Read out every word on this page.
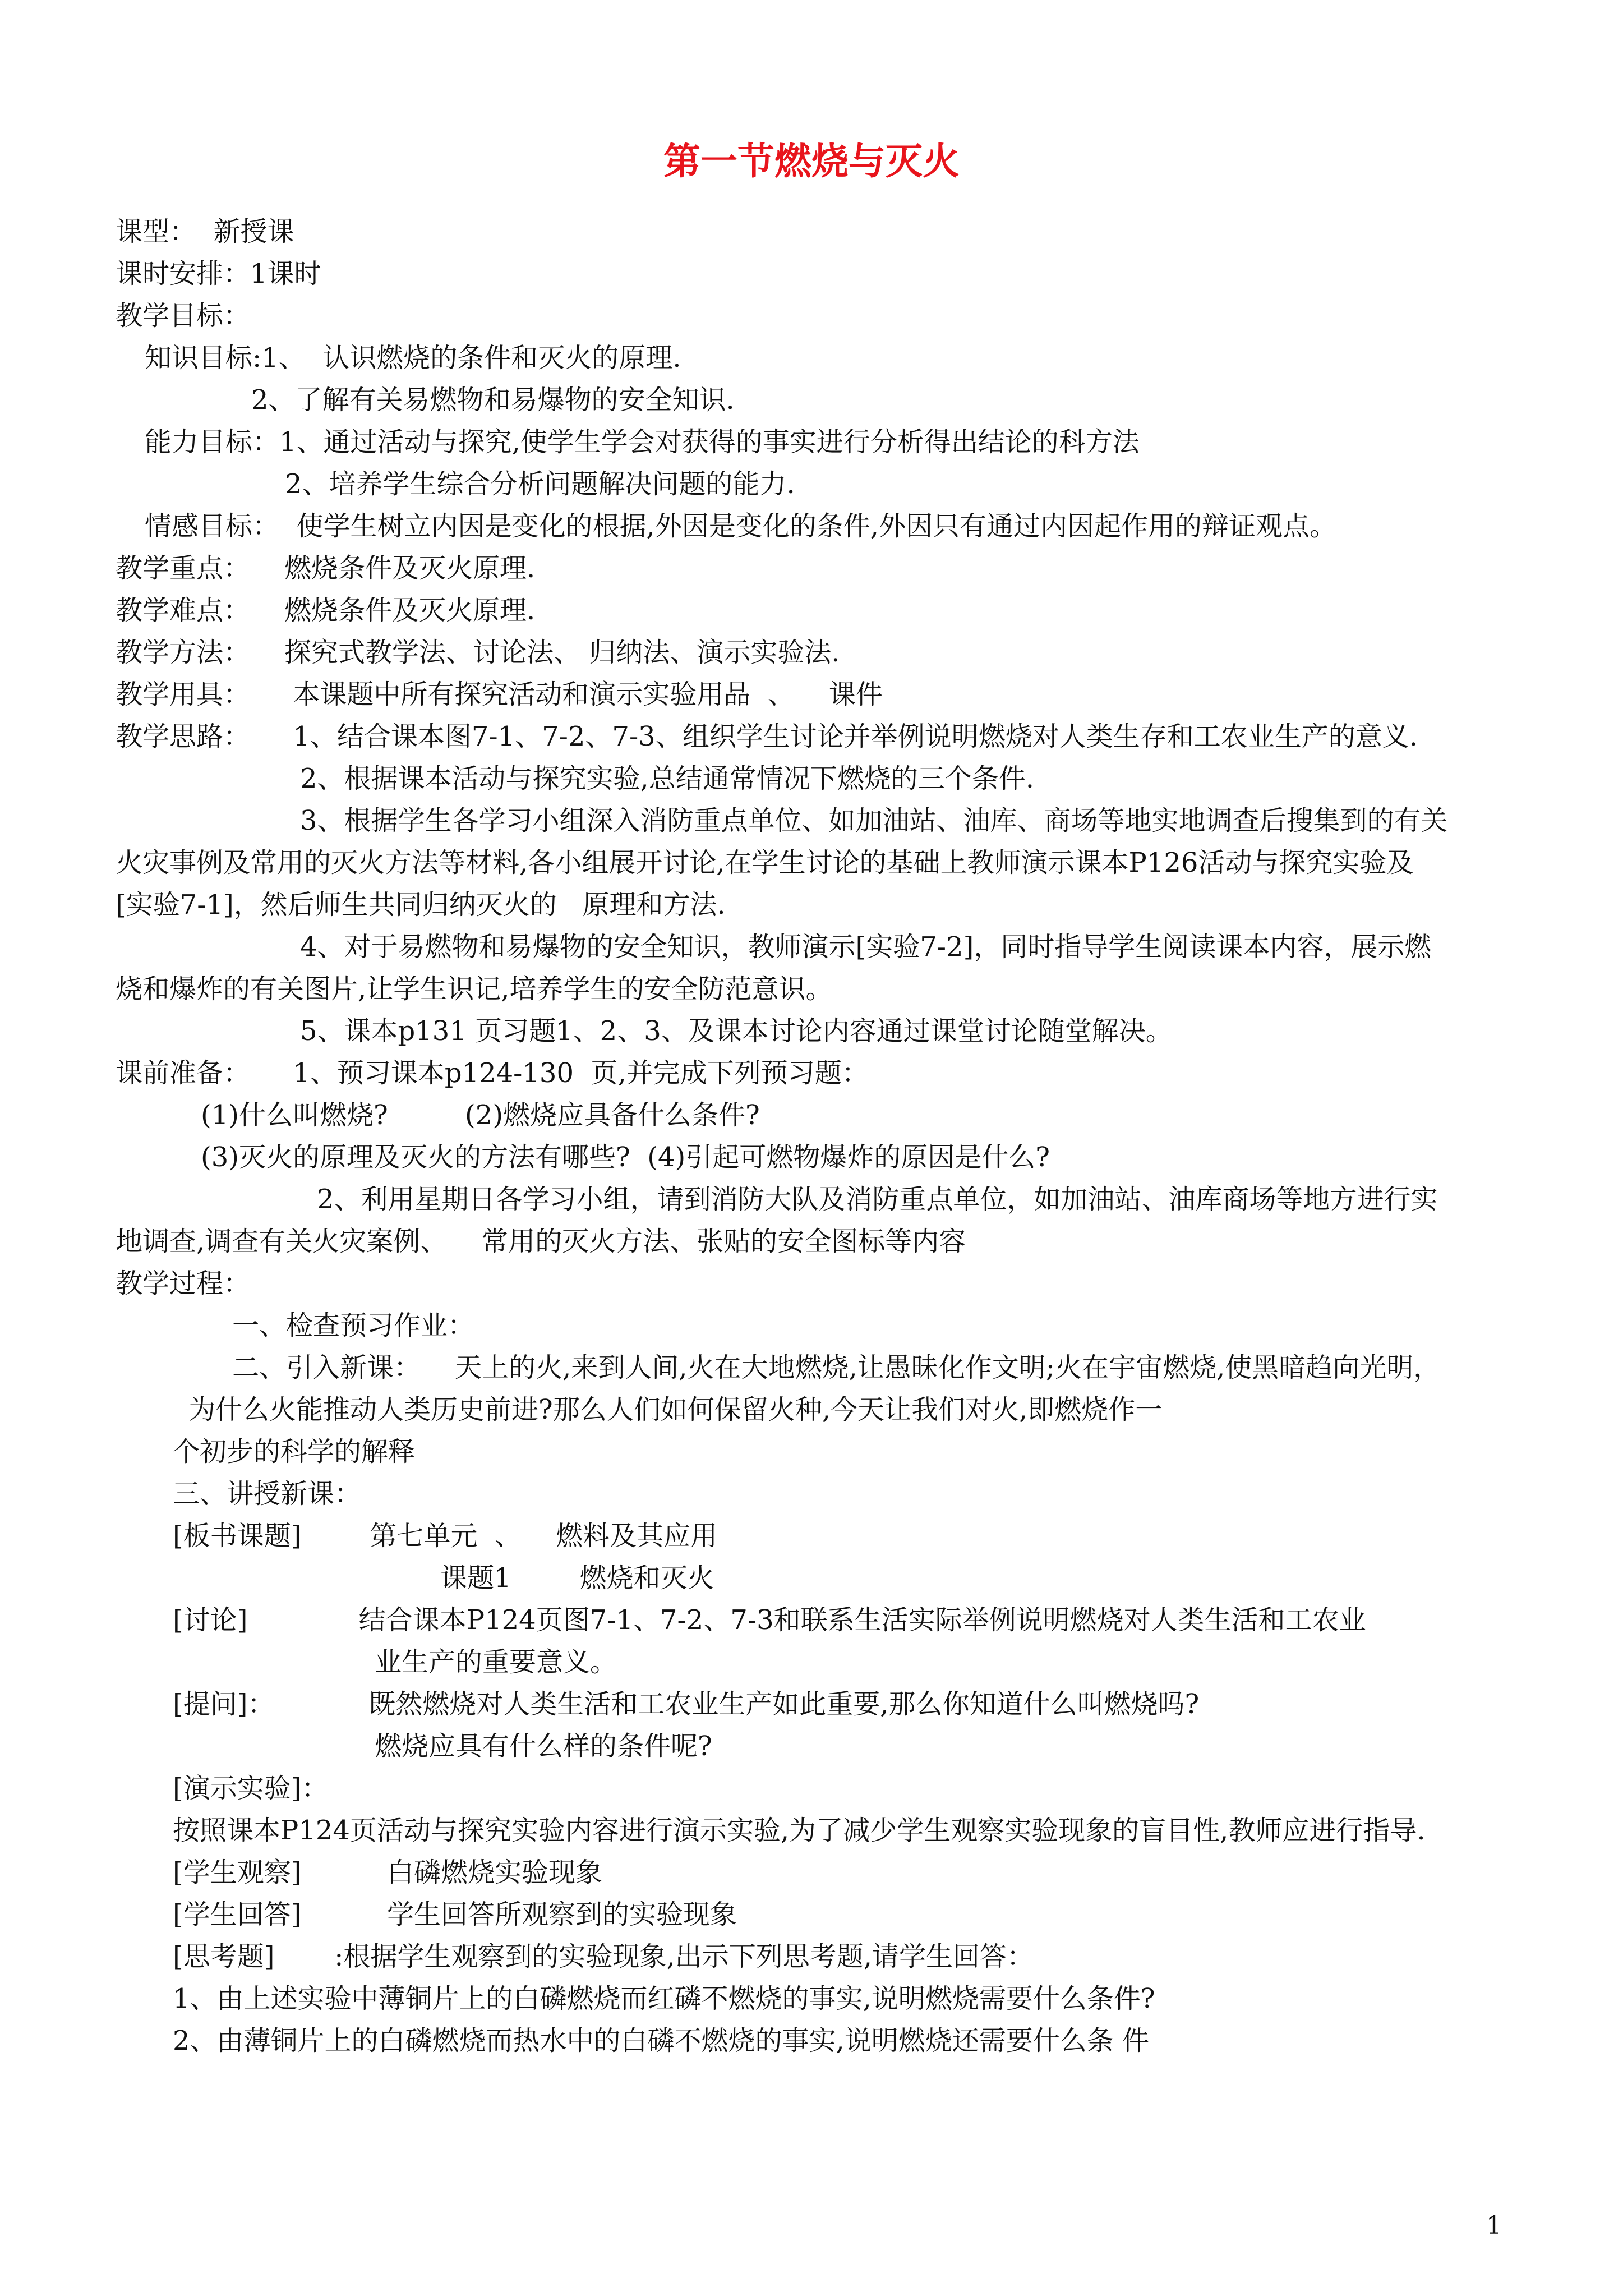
第一节燃烧与灭火
课型：  新授课
课时安排：1课时
教学目标：
知识目标:1、  认识燃烧的条件和灭火的原理.
2、了解有关易燃物和易爆物的安全知识.
能力目标：1、通过活动与探究,使学生学会对获得的事实进行分析得出结论的科方法
2、培养学生综合分析问题解决问题的能力.
情感目标：  使学生树立内因是变化的根据,外因是变化的条件,外因只有通过内因起作用的辩证观点。
教学重点：    燃烧条件及灭火原理.
教学难点：    燃烧条件及灭火原理.
教学方法：    探究式教学法、讨论法、 归纳法、演示实验法.
教学用具：     本课题中所有探究活动和演示实验用品  、    课件
教学思路：     1、结合课本图7-1、7-2、7-3、组织学生讨论并举例说明燃烧对人类生存和工农业生产的意义.
2、根据课本活动与探究实验,总结通常情况下燃烧的三个条件.
3、根据学生各学习小组深入消防重点单位、如加油站、油库、商场等地实地调查后搜集到的有关
火灾事例及常用的灭火方法等材料,各小组展开讨论,在学生讨论的基础上教师演示课本P126活动与探究实验及
[实验7-1]，然后师生共同归纳灭火的   原理和方法.
4、对于易燃物和易爆物的安全知识，教师演示[实验7-2]，同时指导学生阅读课本内容，展示燃
烧和爆炸的有关图片,让学生识记,培养学生的安全防范意识。
5、课本p131 页习题1、2、3、及课本讨论内容通过课堂讨论随堂解决。
课前准备：     1、预习课本p124-130  页,并完成下列预习题：
(1)什么叫燃烧?         (2)燃烧应具备什么条件?
(3)灭火的原理及灭火的方法有哪些?  (4)引起可燃物爆炸的原因是什么?
2、利用星期日各学习小组，请到消防大队及消防重点单位，如加油站、油库商场等地方进行实
地调查,调查有关火灾案例、    常用的灭火方法、张贴的安全图标等内容
教学过程：
一、检查预习作业：
二、引入新课：    天上的火,来到人间,火在大地燃烧,让愚昧化作文明;火在宇宙燃烧,使黑暗趋向光明，
为什么火能推动人类历史前进?那么人们如何保留火种,今天让我们对火,即燃烧作一
个初步的科学的解释
三、讲授新课：
[板书课题]        第七单元  、    燃料及其应用
课题1        燃烧和灭火
[讨论]             结合课本P124页图7-1、7-2、7-3和联系生活实际举例说明燃烧对人类生活和工农业
业生产的重要意义。
[提问]：           既然燃烧对人类生活和工农业生产如此重要,那么你知道什么叫燃烧吗?
燃烧应具有什么样的条件呢?
[演示实验]：
按照课本P124页活动与探究实验内容进行演示实验,为了减少学生观察实验现象的盲目性,教师应进行指导.
[学生观察]          白磷燃烧实验现象
[学生回答]          学生回答所观察到的实验现象
[思考题]       :根据学生观察到的实验现象,出示下列思考题,请学生回答：
1、由上述实验中薄铜片上的白磷燃烧而红磷不燃烧的事实,说明燃烧需要什么条件?
2、由薄铜片上的白磷燃烧而热水中的白磷不燃烧的事实,说明燃烧还需要什么条 件
1
